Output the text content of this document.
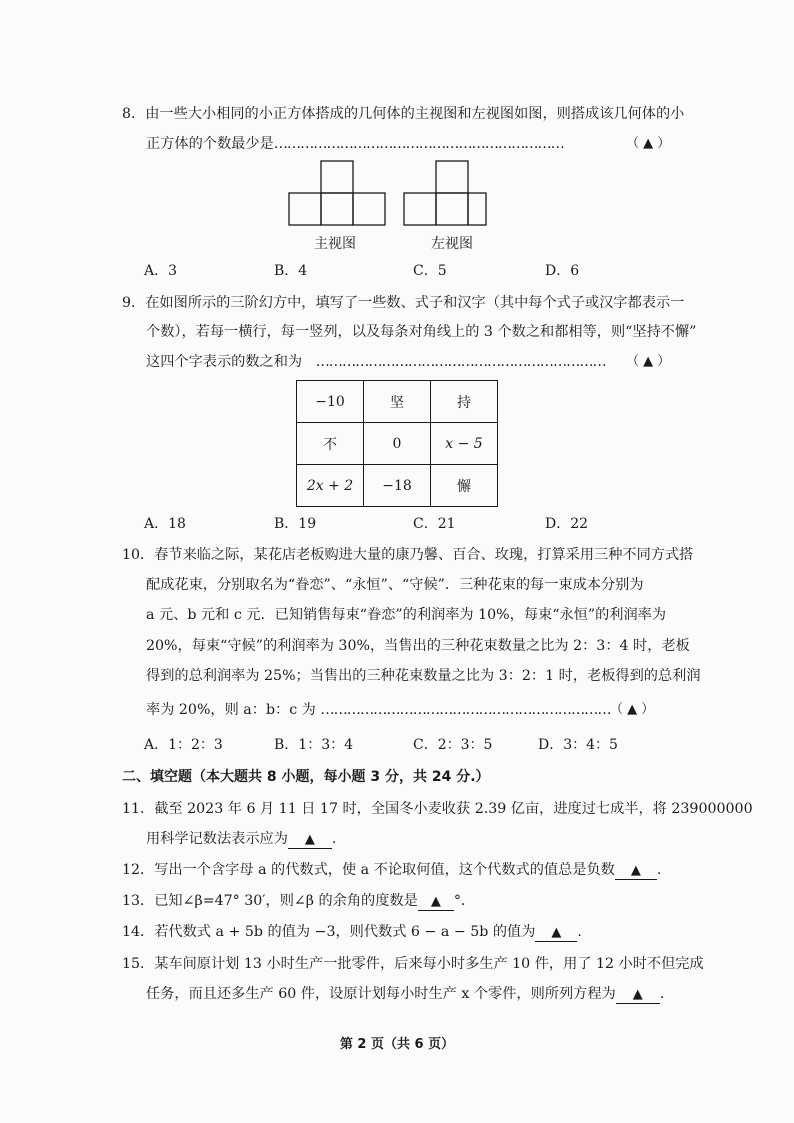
8．由一些大小相同的小正方体搭成的几何体的主视图和左视图如图，则搭成该几何体的小
正方体的个数最少是…………………………………………………………	（ ▲ ）
主视图	左视图
A．3	B．4	C．5	D．6
9．在如图所示的三阶幻方中，填写了一些数、式子和汉字（其中每个式子或汉字都表示一
个数），若每一横行，每一竖列，以及每条对角线上的 3 个数之和都相等，则“坚持不懈”
这四个字表示的数之和为 ………………………………………………………… （ ▲ ）
−10	坚	持
不	0	x − 5
2x + 2	−18	懈
A．18	B．19	C．21	D．22
10．春节来临之际，某花店老板购进大量的康乃馨、百合、玫瑰，打算采用三种不同方式搭
配成花束，分别取名为“眷恋”、“永恒”、“守候”．三种花束的每一束成本分别为
a 元、b 元和 c 元．已知销售每束“眷恋”的利润率为 10%，每束“永恒”的利润率为
20%，每束“守候”的利润率为 30%，当售出的三种花束数量之比为 2：3：4 时，老板
得到的总利润率为 25%；当售出的三种花束数量之比为 3：2：1 时，老板得到的总利润
率为 20%，则 a：b：c 为 ………………………………………………………… （ ▲ ）
A．1：2：3	B．1：3：4	C．2：3：5	D．3：4：5
二、填空题（本大题共 8 小题，每小题 3 分，共 24 分.）
11．截至 2023 年 6 月 11 日 17 时，全国冬小麦收获 2.39 亿亩，进度过七成半，将 239000000
用科学记数法表示应为 ▲ .
12．写出一个含字母 a 的代数式，使 a 不论取何值，这个代数式的值总是负数 ▲ .
13．已知∠β=47° 30′，则∠β 的余角的度数是 ▲ °．
14．若代数式 a + 5b 的值为 −3，则代数式 6 − a − 5b 的值为 ▲ .
15．某车间原计划 13 小时生产一批零件，后来每小时多生产 10 件，用了 12 小时不但完成
任务，而且还多生产 60 件，设原计划每小时生产 x 个零件，则所列方程为 ▲ .
第 2 页（共 6 页）
